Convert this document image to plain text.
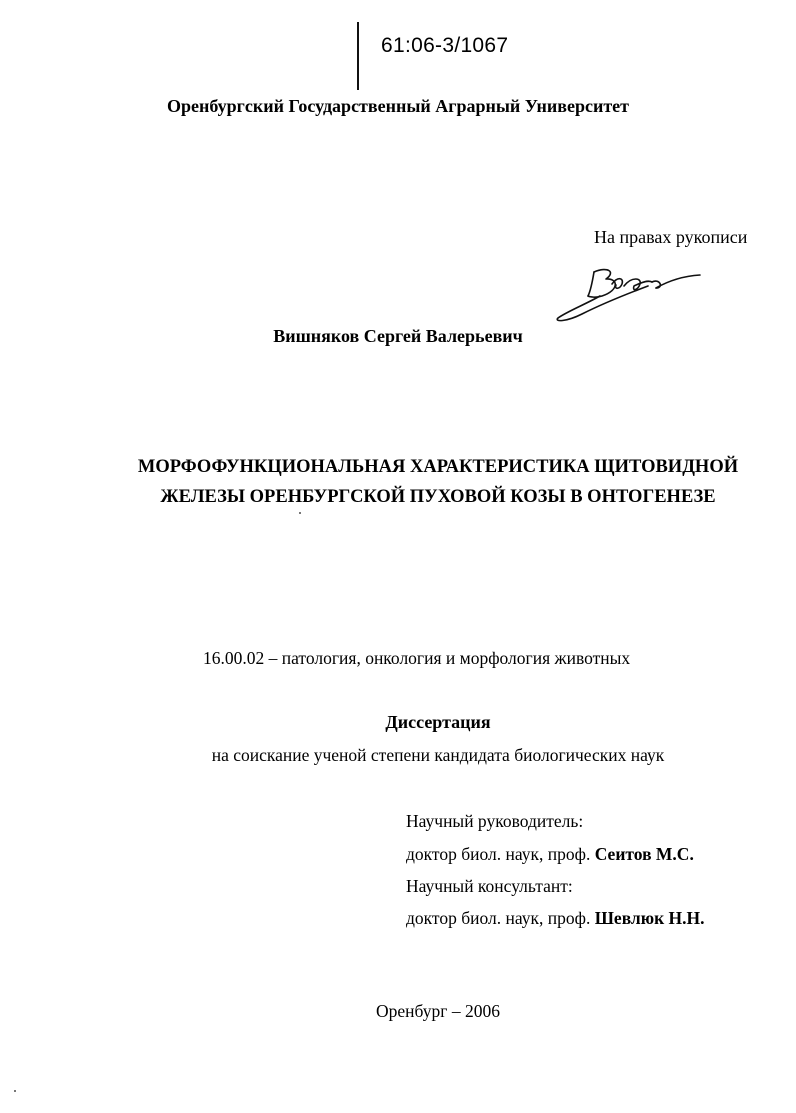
61:06-3/1067
Оренбургский Государственный Аграрный Университет
На правах рукописи
Вишняков Сергей Валерьевич
МОРФОФУНКЦИОНАЛЬНАЯ ХАРАКТЕРИСТИКА ЩИТОВИДНОЙ
ЖЕЛЕЗЫ ОРЕНБУРГСКОЙ ПУХОВОЙ КОЗЫ В ОНТОГЕНЕЗЕ
16.00.02 – патология, онкология и морфология животных
Диссертация
на соискание ученой степени кандидата биологических наук
Научный руководитель:
доктор биол. наук, проф. Сеитов М.С.
Научный консультант:
доктор биол. наук, проф. Шевлюк Н.Н.
Оренбург – 2006
